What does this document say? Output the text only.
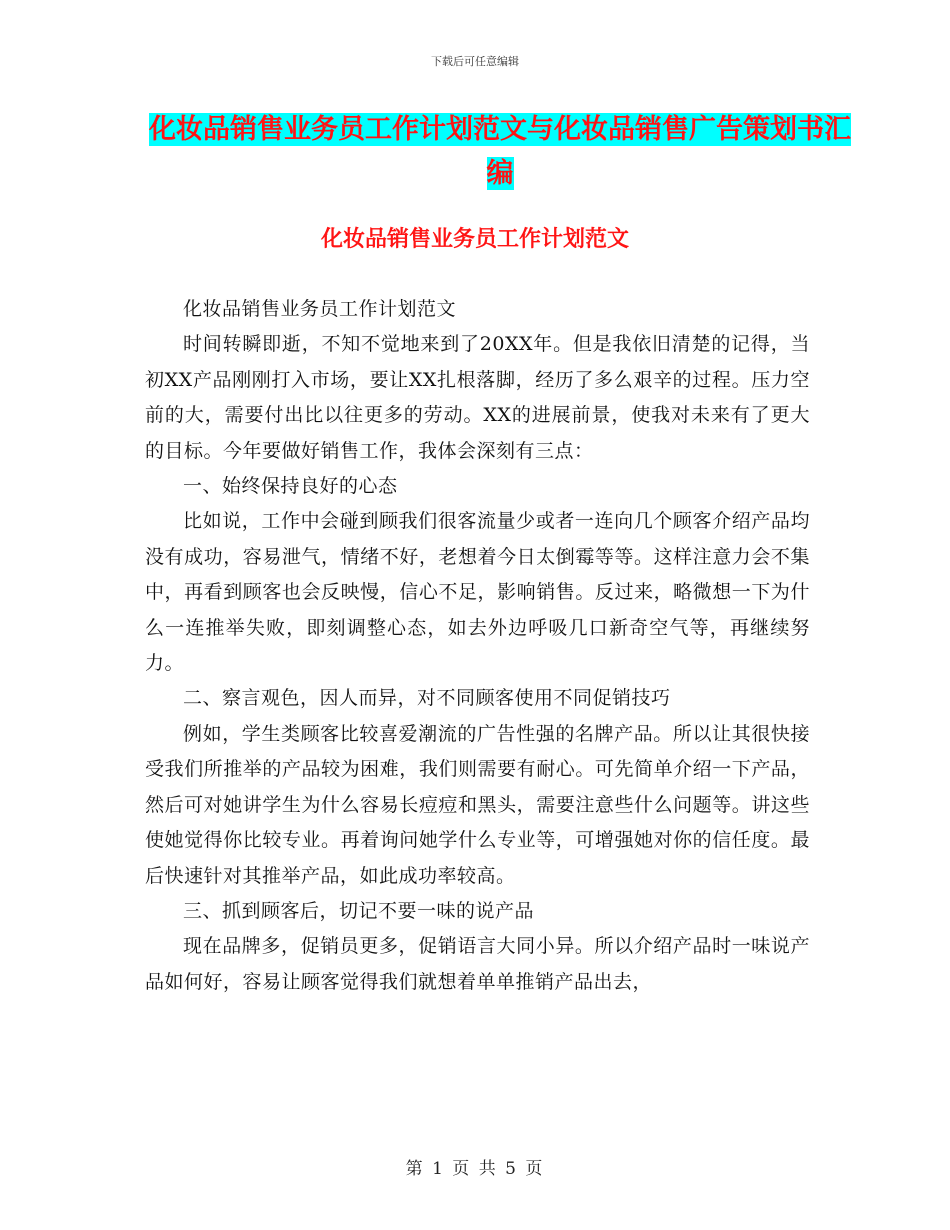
下载后可任意编辑
化妆品销售业务员工作计划范文与化妆品销售广告策划书汇编
化妆品销售业务员工作计划范文

化妆品销售业务员工作计划范文

时间转瞬即逝，不知不觉地来到了20XX年。但是我依旧清楚的记得，当初XX产品刚刚打入市场，要让XX扎根落脚，经历了多么艰辛的过程。压力空前的大，需要付出比以往更多的劳动。XX的进展前景，使我对未来有了更大的目标。今年要做好销售工作，我体会深刻有三点：

一、始终保持良好的心态

比如说，工作中会碰到顾我们很客流量少或者一连向几个顾客介绍产品均没有成功，容易泄气，情绪不好，老想着今日太倒霉等等。这样注意力会不集中，再看到顾客也会反映慢，信心不足，影响销售。反过来，略微想一下为什么一连推举失败，即刻调整心态，如去外边呼吸几口新奇空气等，再继续努力。

二、察言观色，因人而异，对不同顾客使用不同促销技巧

例如，学生类顾客比较喜爱潮流的广告性强的名牌产品。所以让其很快接受我们所推举的产品较为困难，我们则需要有耐心。可先简单介绍一下产品，然后可对她讲学生为什么容易长痘痘和黑头，需要注意些什么问题等。讲这些使她觉得你比较专业。再着询问她学什么专业等，可增强她对你的信任度。最后快速针对其推举产品，如此成功率较高。

三、抓到顾客后，切记不要一味的说产品

现在品牌多，促销员更多，促销语言大同小异。所以介绍产品时一味说产品如何好，容易让顾客觉得我们就想着单单推销产品出去，

第 1 页 共 5 页
